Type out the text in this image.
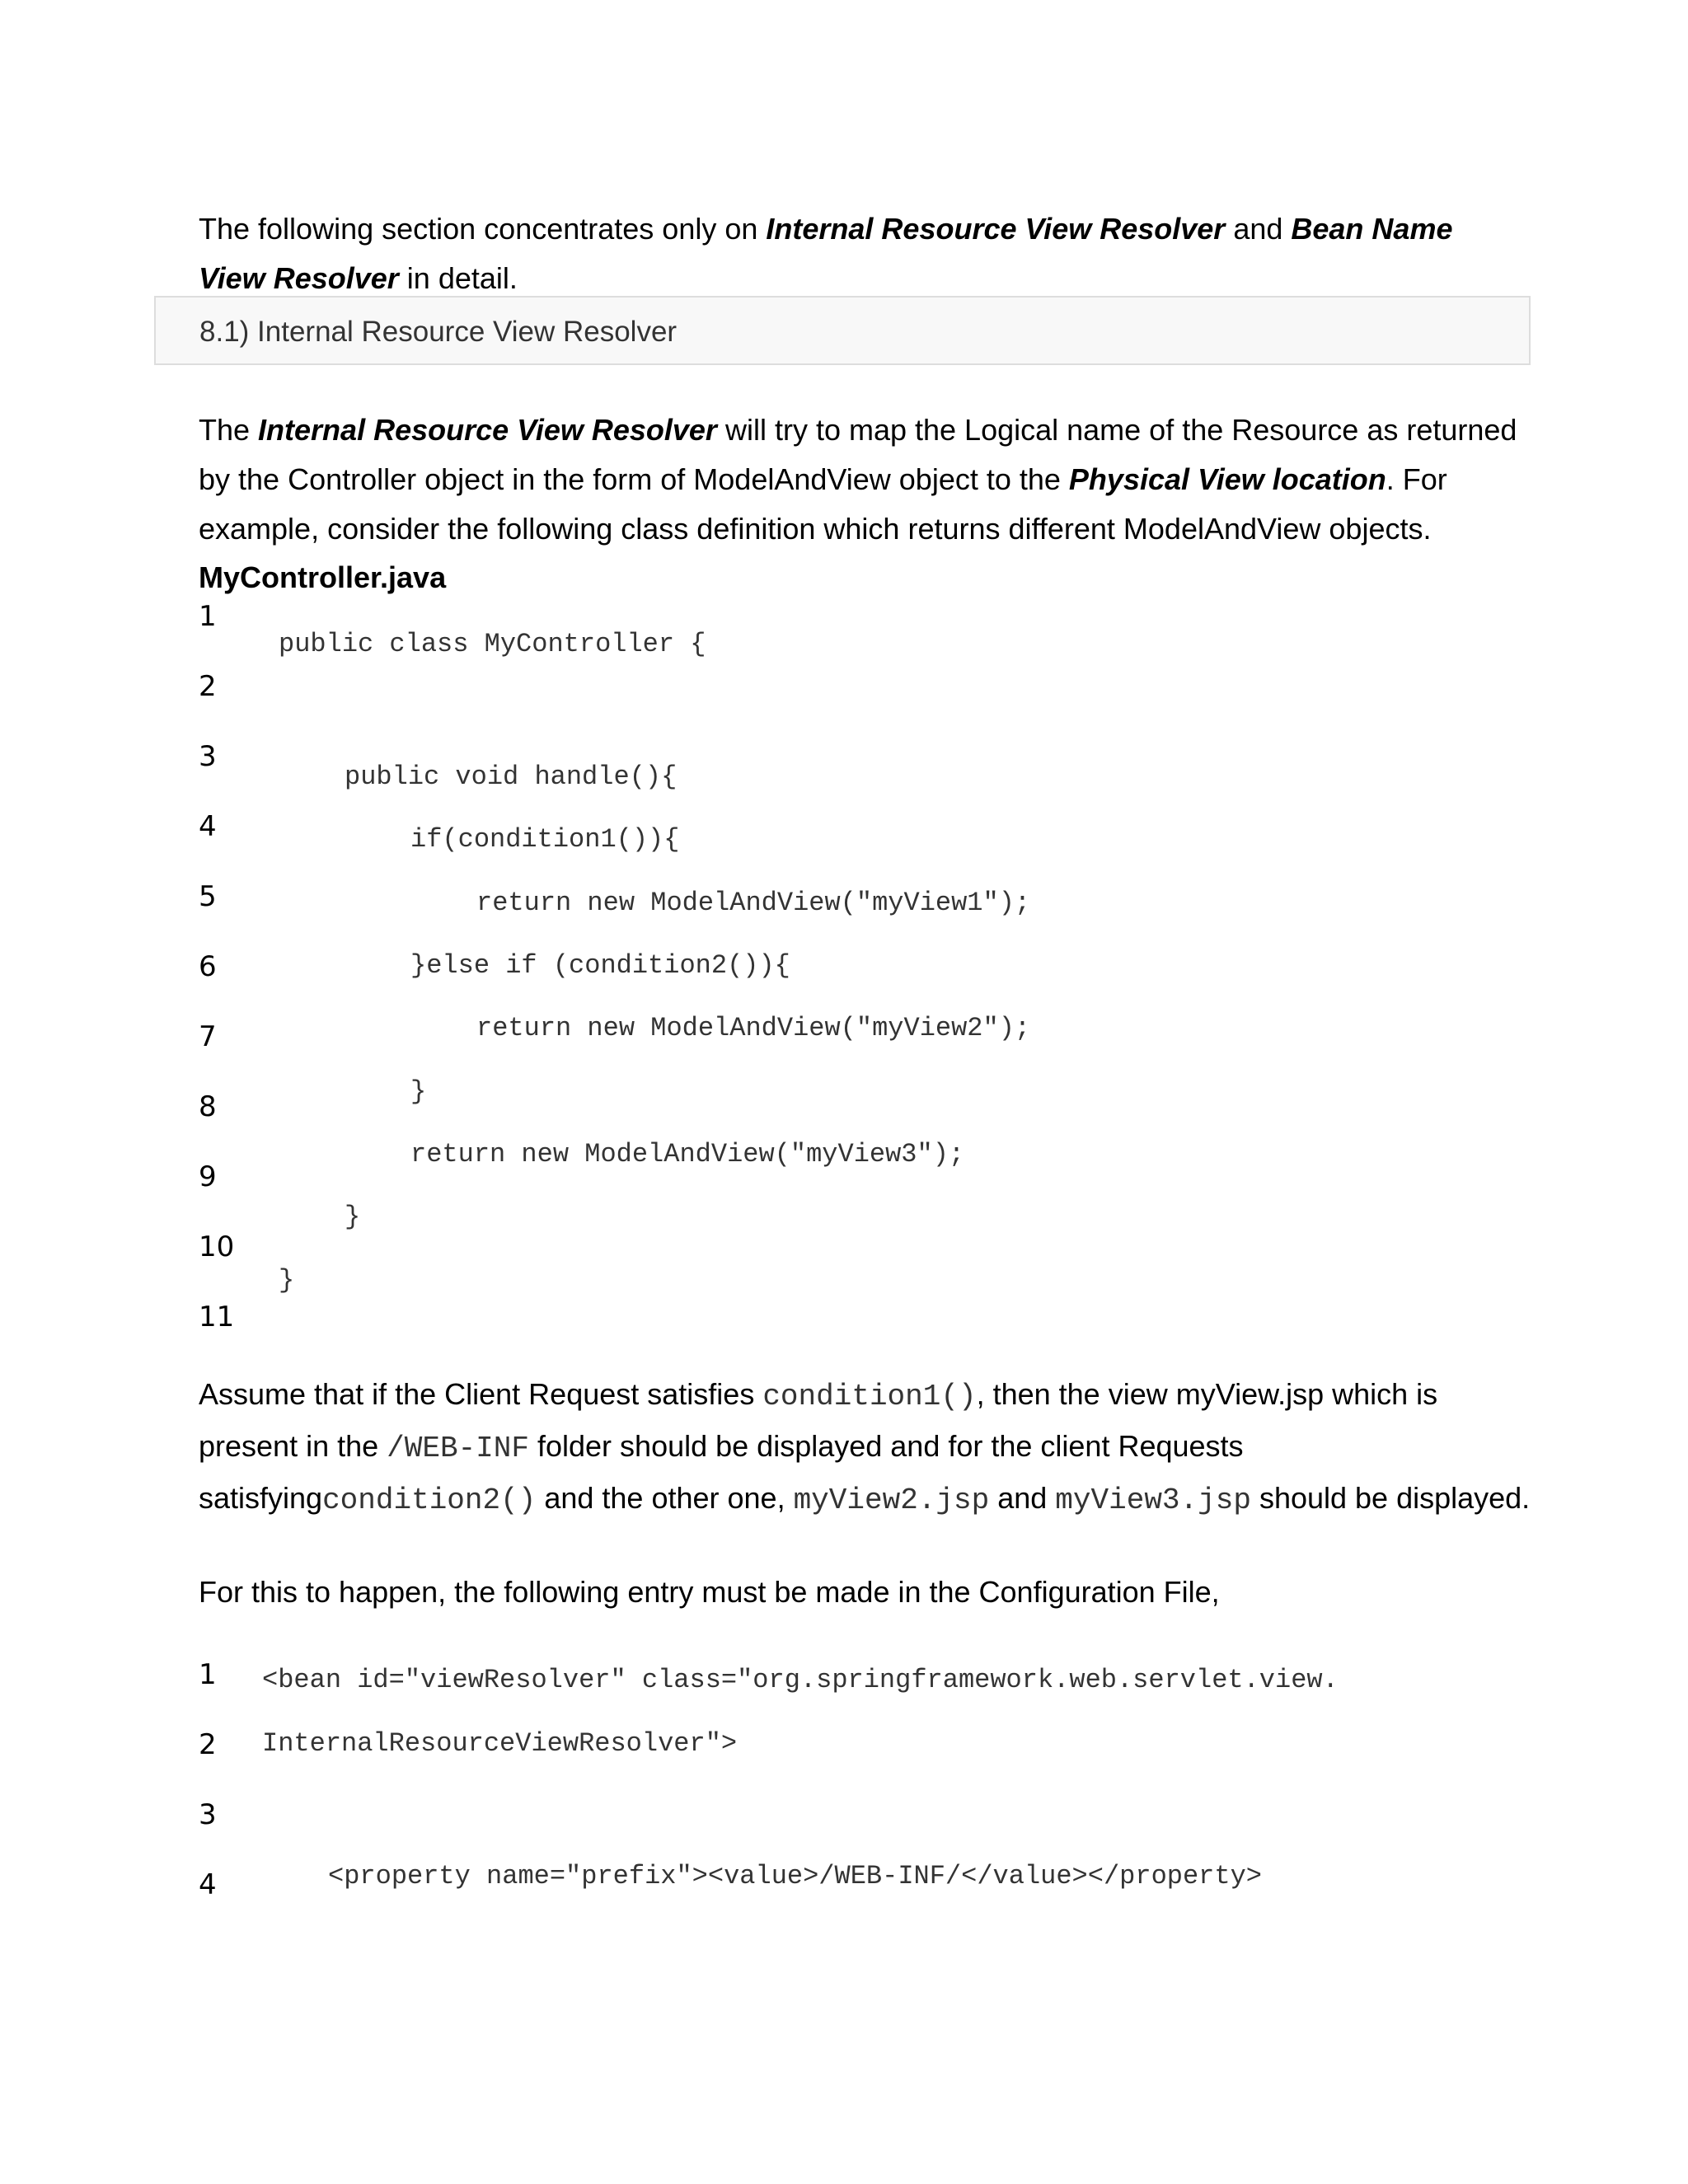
The following section concentrates only on Internal Resource View Resolver and Bean Name
View Resolver in detail.

8.1) Internal Resource View Resolver

The Internal Resource View Resolver will try to map the Logical name of the Resource as returned by the Controller object in the form of ModelAndView object to the Physical View location. For example, consider the following class definition which returns different ModelAndView objects.

MyController.java
1
2
3
4
5
6
7
8
9
10
11
public class MyController {
public void handle(){
if(condition1()){
return new ModelAndView("myView1");
}else if (condition2()){
return new ModelAndView("myView2");
}
return new ModelAndView("myView3");
}
}

Assume that if the Client Request satisfies condition1(), then the view myView.jsp which is present in the /WEB-INF folder should be displayed and for the client Requests satisfyingcondition2() and the other one, myView2.jsp and myView3.jsp should be displayed.

For this to happen, the following entry must be made in the Configuration File,

1
2
3
4
<bean id="viewResolver" class="org.springframework.web.servlet.view.
InternalResourceViewResolver">
<property name="prefix"><value>/WEB-INF/</value></property>
